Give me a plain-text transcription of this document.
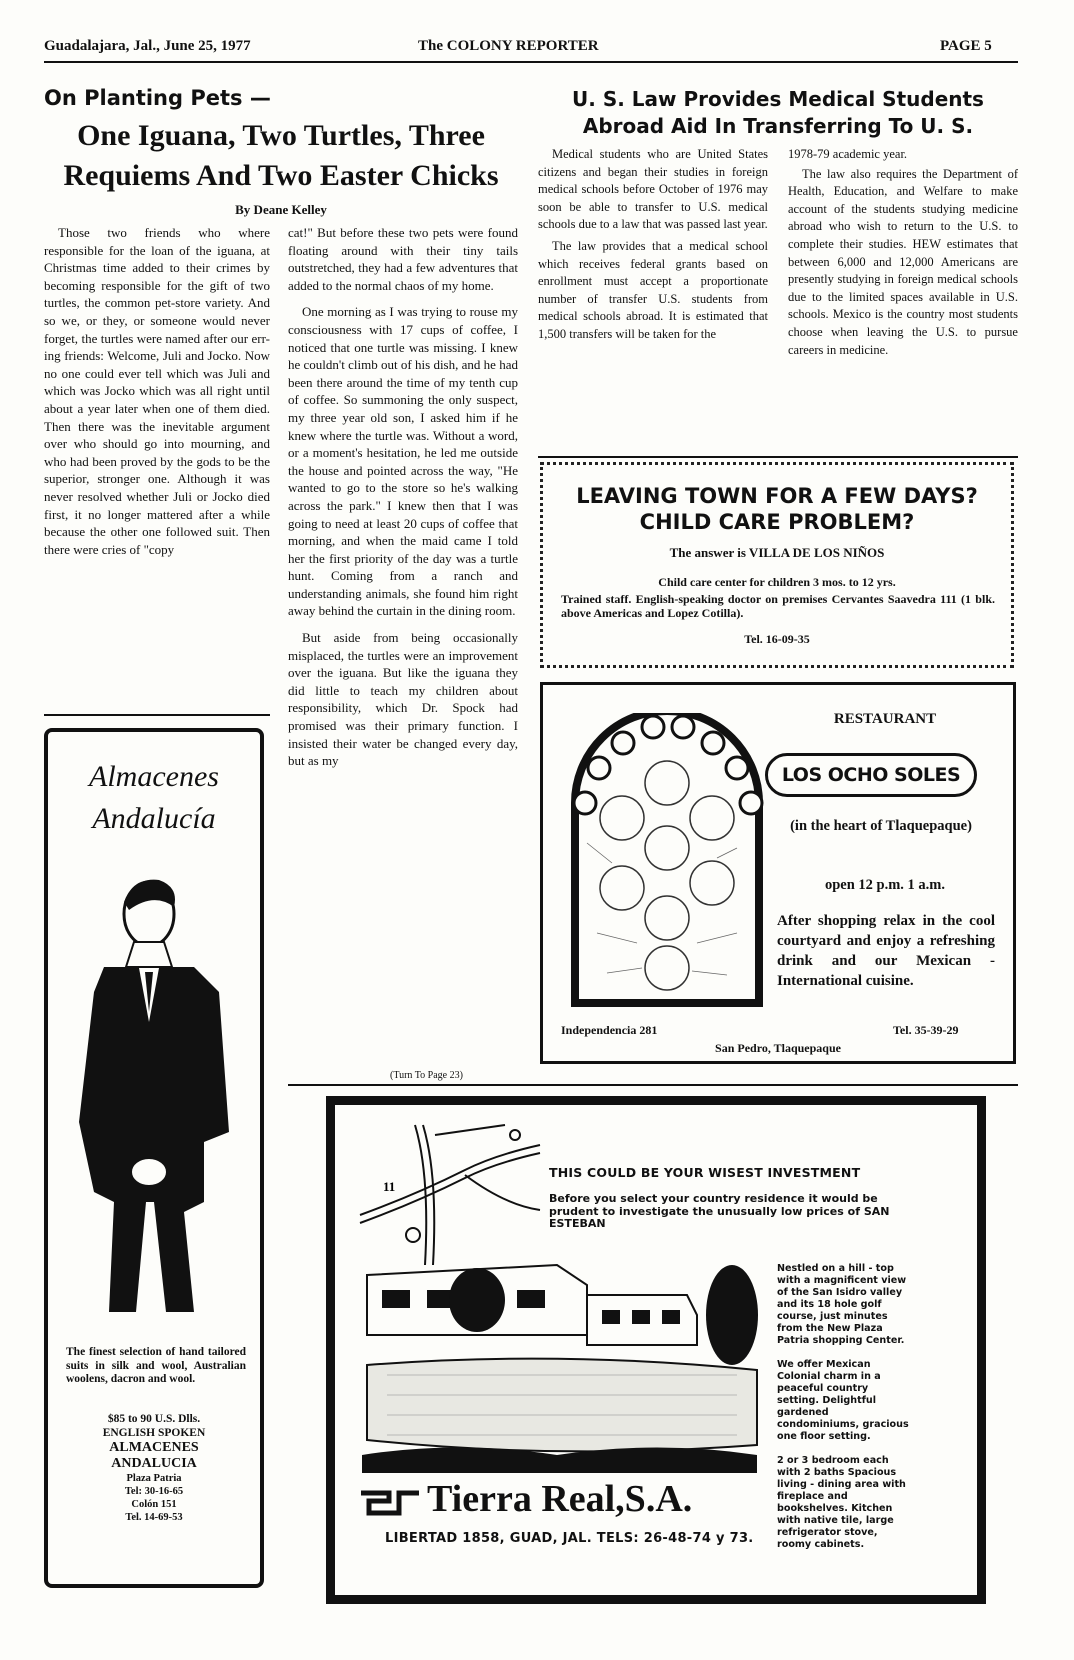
Guadalajara, Jal., June 25, 1977	The COLONY REPORTER	PAGE 5
On Planting Pets —
One Iguana, Two Turtles, Three
Requiems And Two Easter Chicks
By Deane Kelley

Those two friends who where responsible for the loan of the iguana, at Christmas time added to their crimes by becoming responsible for the gift of two turtles, the common pet-store variety. And so we, or they, or someone would never forget, the turtles were named after our err-ing friends: Welcome, Juli and Jocko. Now no one could ever tell which was Juli and which was Jocko which was all right until about a year later when one of them died. Then there was the inevitable argument over who should go into mourning, and who had been proved by the gods to be the superior, stronger one. Although it was never resolved whether Juli or Jocko died first, it no longer mattered after a while because the other one followed suit. Then there were cries of "copy

cat!" But before these two pets were found floating around with their tiny tails outstretched, they had a few adventures that added to the normal chaos of my home.

One morning as I was trying to rouse my consciousness with 17 cups of coffee, I noticed that one turtle was missing. I knew he couldn't climb out of his dish, and he had been there around the time of my tenth cup of coffee. So summoning the only suspect, my three year old son, I asked him if he knew where the turtle was. Without a word, or a moment's hesitation, he led me outside the house and pointed across the way, "He wanted to go to the store so he's walking across the park." I knew then that I was going to need at least 20 cups of coffee that morning, and when the maid came I told her the first priority of the day was a turtle hunt. Coming from a ranch and understanding animals, she found him right away behind the curtain in the dining room.

But aside from being occasionally misplaced, the turtles were an improvement over the iguana. But like the iguana they did little to teach my children about responsibility, which Dr. Spock had promised was their primary function. I insisted their water be changed every day, but as my

(Turn To Page 23)
U. S. Law Provides Medical Students
Abroad Aid In Transferring To U. S.

Medical students who are United States citizens and began their studies in foreign medical schools before October of 1976 may soon be able to transfer to U.S. medical schools due to a law that was passed last year.

The law provides that a medical school which receives federal grants based on enrollment must accept a proportionate number of transfer U.S. students from medical schools abroad. It is estimated that 1,500 transfers will be taken for the

1978-79 academic year.

The law also requires the Department of Health, Education, and Welfare to make account of the students studying medicine abroad who wish to return to the U.S. to complete their studies. HEW estimates that between 6,000 and 12,000 Americans are presently studying in foreign medical schools due to the limited spaces available in U.S. schools. Mexico is the country most students choose when leaving the U.S. to pursue careers in medicine.

LEAVING TOWN FOR A FEW DAYS?
CHILD CARE PROBLEM?
The answer is VILLA DE LOS NIÑOS
Child care center for children 3 mos. to 12 yrs.
Trained staff. English-speaking doctor on premises Cervantes Saavedra 111 (1 blk. above Americas and Lopez Cotilla).
Tel. 16-09-35
RESTAURANT
LOS OCHO SOLES
(in the heart of Tlaquepaque)
open 12 p.m. 1 a.m.
After shopping relax in the cool courtyard and enjoy a refreshing drink and our Mexican - International cuisine.
Independencia 281	Tel. 35-39-29
San Pedro, Tlaquepaque
Almacenes
Andalucía
The finest selection of hand tailored suits in silk and wool, Australian woolens, dacron and wool.
$85 to 90 U.S. Dlls.
ENGLISH SPOKEN
ALMACENES
ANDALUCIA
Plaza Patria
Tel: 30-16-65
Colón 151
Tel. 14-69-53
11
THIS COULD BE YOUR WISEST INVESTMENT
Before you select your country residence it would be prudent to investigate the unusually low prices of SAN ESTEBAN
Nestled on a hill - top with a magnificent view of the San Isidro valley and its 18 hole golf course, just minutes from the New Plaza Patria shopping Center.
We offer Mexican Colonial charm in a peaceful country setting. Delightful gardened condominiums, gracious one floor setting.
2 or 3 bedroom each with 2 baths Spacious living - dining area with fireplace and bookshelves. Kitchen with native tile, large refrigerator stove, roomy cabinets.
Tierra Real,S.A.
LIBERTAD 1858, GUAD, JAL. TELS: 26-48-74 y 73.
